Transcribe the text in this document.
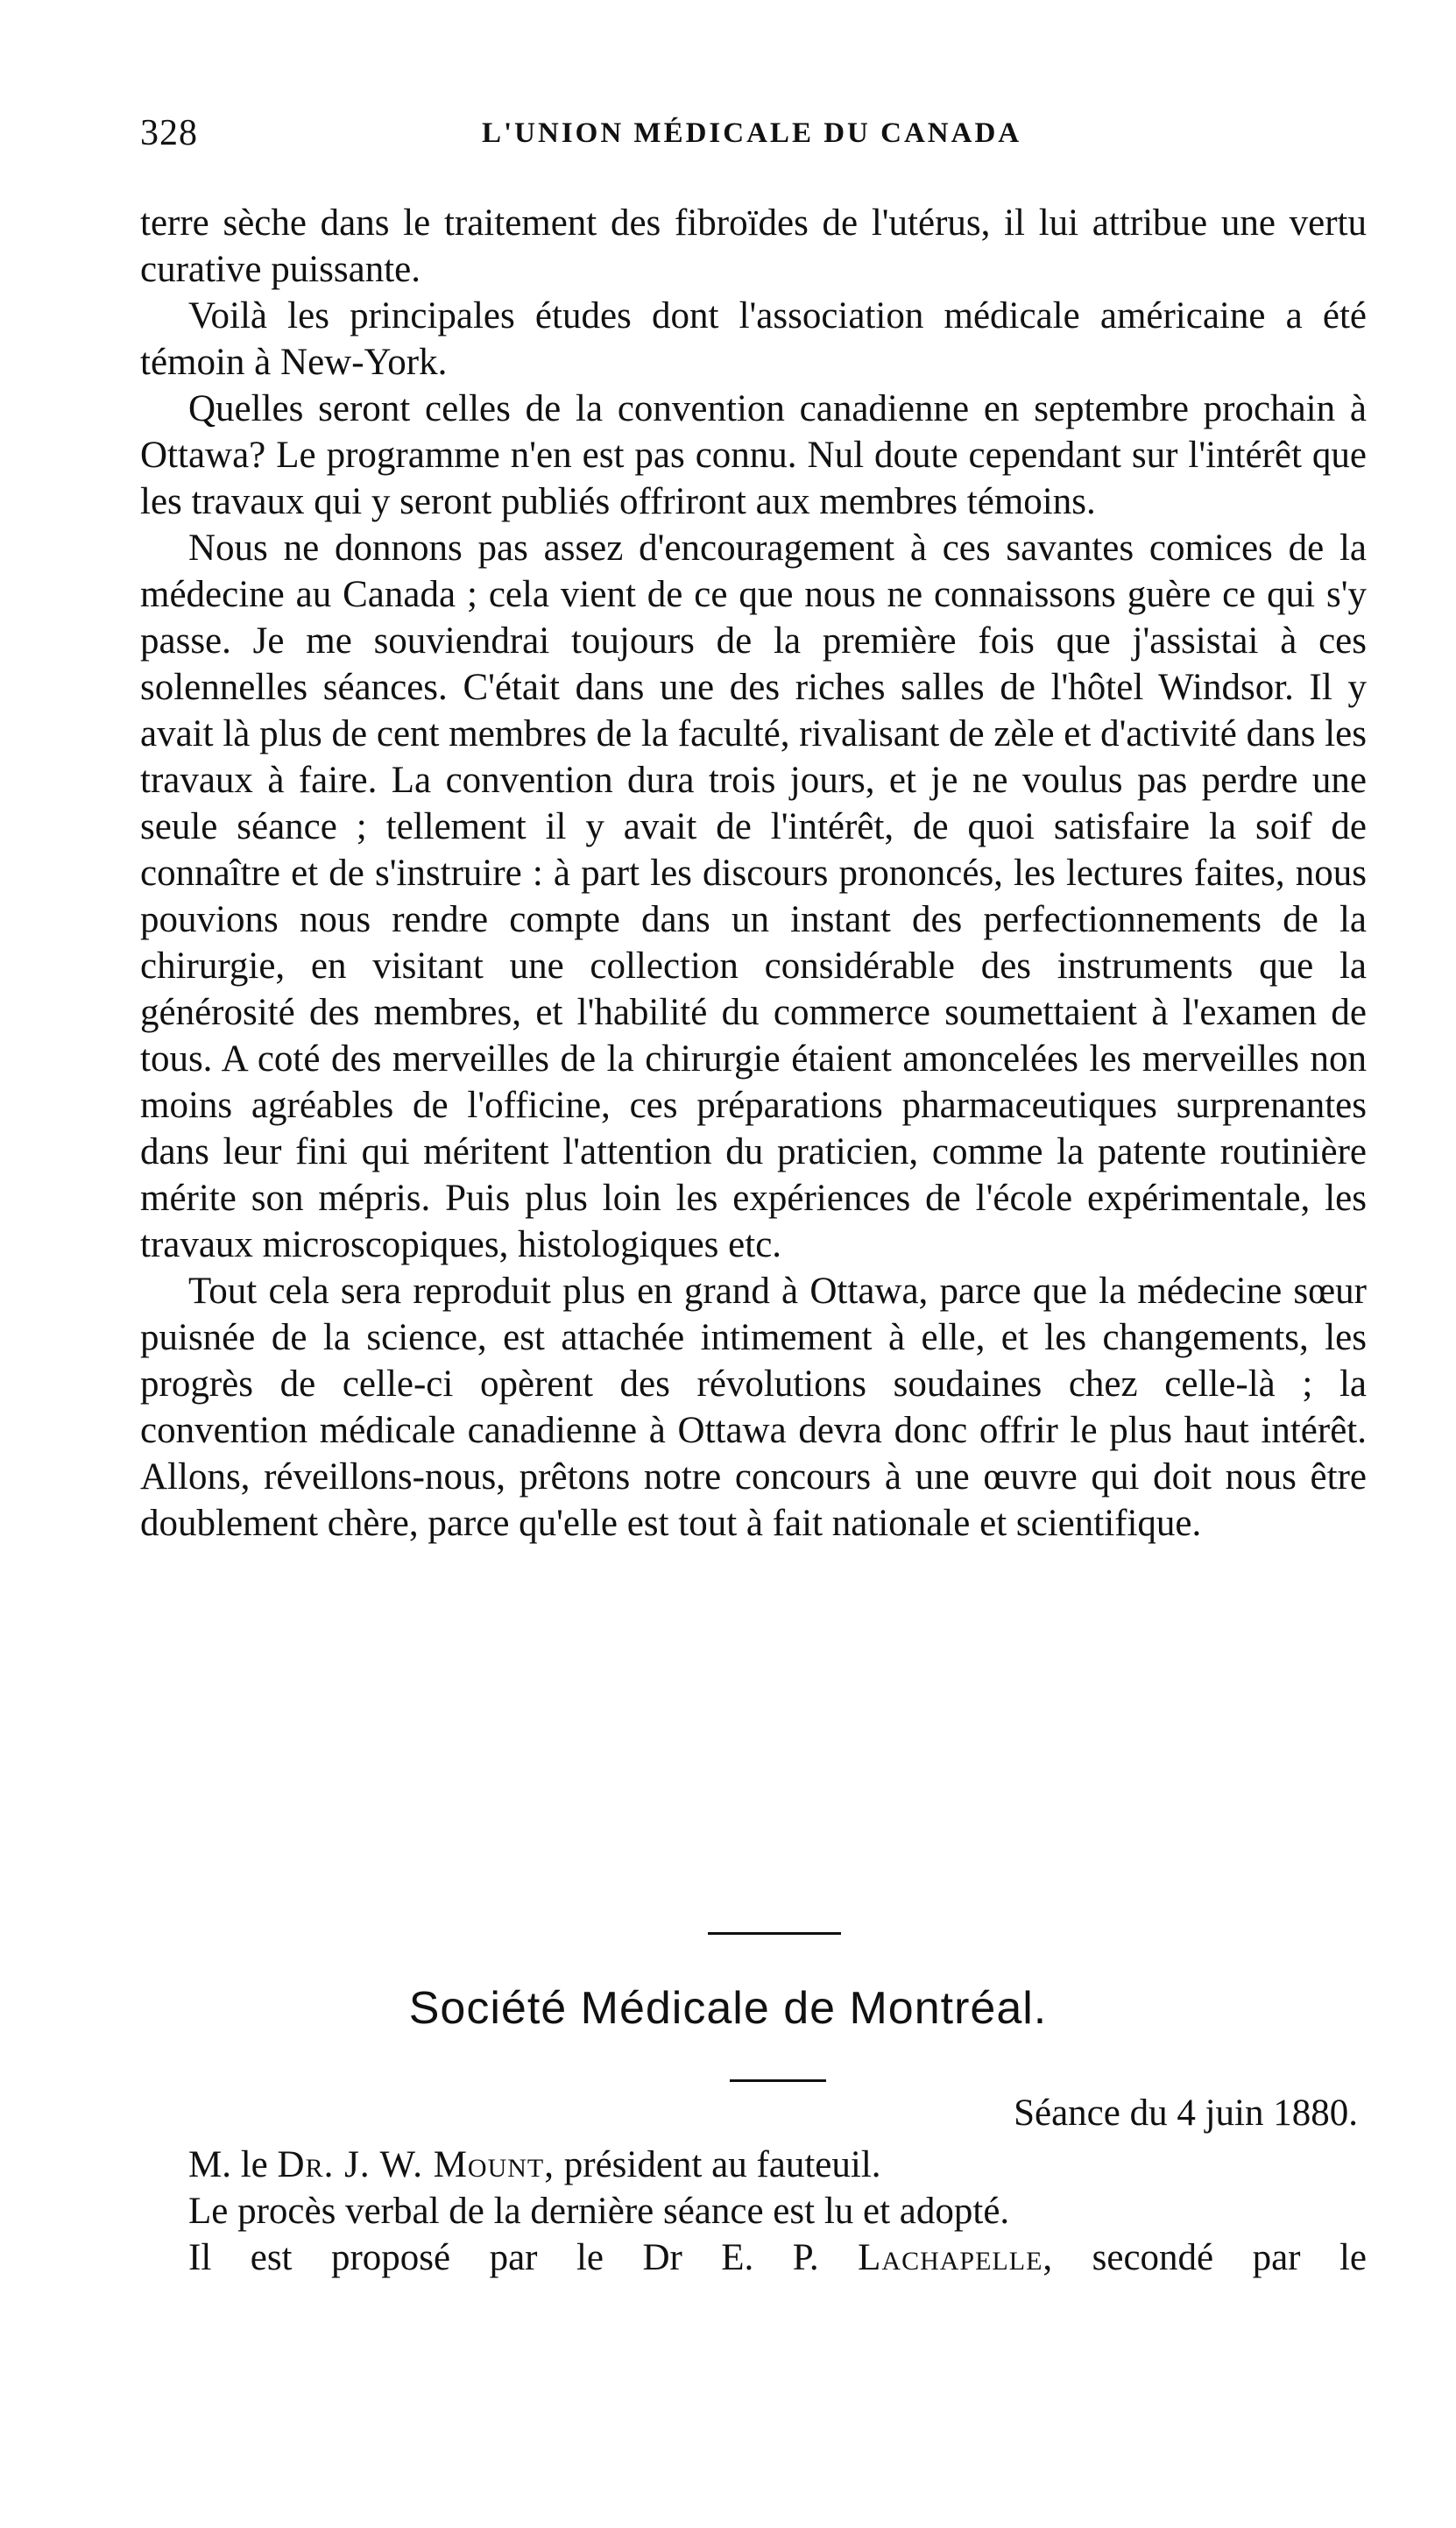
328	L'UNION MÉDICALE DU CANADA

terre sèche dans le traitement des fibroïdes de l'utérus, il lui attribue une vertu curative puissante.

Voilà les principales études dont l'association médicale américaine a été témoin à New-York.

Quelles seront celles de la convention canadienne en septembre prochain à Ottawa? Le programme n'en est pas connu. Nul doute cependant sur l'intérêt que les travaux qui y seront publiés offriront aux membres témoins.

Nous ne donnons pas assez d'encouragement à ces savantes comices de la médecine au Canada ; cela vient de ce que nous ne connaissons guère ce qui s'y passe. Je me souviendrai toujours de la première fois que j'assistai à ces solennelles séances. C'était dans une des riches salles de l'hôtel Windsor. Il y avait là plus de cent membres de la faculté, rivalisant de zèle et d'activité dans les travaux à faire. La convention dura trois jours, et je ne voulus pas perdre une seule séance ; tellement il y avait de l'intérêt, de quoi satisfaire la soif de connaître et de s'instruire : à part les discours prononcés, les lectures faites, nous pouvions nous rendre compte dans un instant des perfectionnements de la chirurgie, en visitant une collection considérable des instruments que la générosité des membres, et l'habilité du commerce soumettaient à l'examen de tous. A coté des merveilles de la chirurgie étaient amoncelées les merveilles non moins agréables de l'officine, ces préparations pharmaceutiques surprenantes dans leur fini qui méritent l'attention du praticien, comme la patente routinière mérite son mépris. Puis plus loin les expériences de l'école expérimentale, les travaux microscopiques, histologiques etc.

Tout cela sera reproduit plus en grand à Ottawa, parce que la médecine sœur puisnée de la science, est attachée intimement à elle, et les changements, les progrès de celle-ci opèrent des révolutions soudaines chez celle-là ; la convention médicale canadienne à Ottawa devra donc offrir le plus haut intérêt. Allons, réveillons-nous, prêtons notre concours à une œuvre qui doit nous être doublement chère, parce qu'elle est tout à fait nationale et scientifique.

Société Médicale de Montréal.
Séance du 4 juin 1880.

M. le Dr. J. W. Mount, président au fauteuil.

Le procès verbal de la dernière séance est lu et adopté.

Il est proposé par le Dr E. P. Lachapelle, secondé par le
